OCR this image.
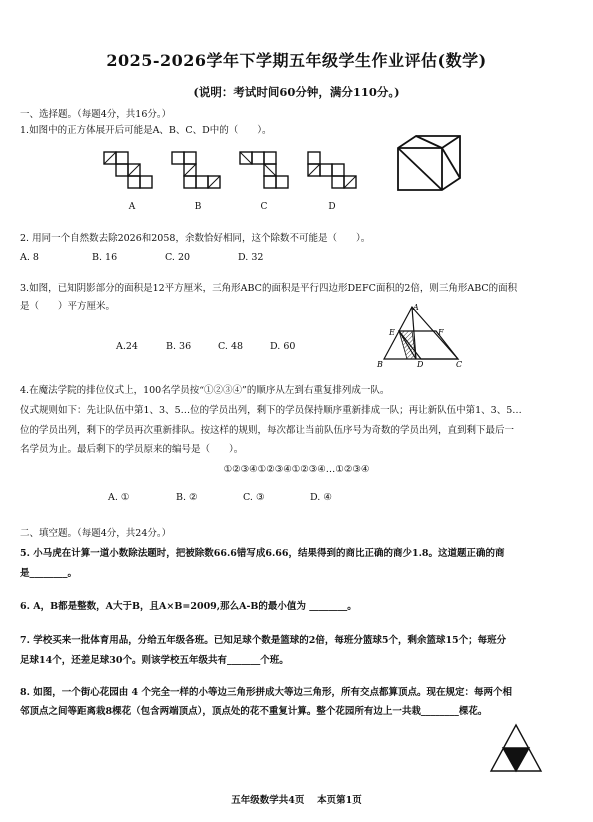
2025-2026学年下学期五年级学生作业评估(数学)
(说明：考试时间60分钟，满分110分。)
一、选择题。（每题4分，共16分。）
1.如图中的正方体展开后可能是A、B、C、D中的（　　）。
A	B	C	D
2. 用同一个自然数去除2026和2058，余数恰好相同，这个除数不可能是（　　）。
A. 8	B. 16	C. 20	D. 32
3.如图，已知阴影部分的面积是12平方厘米，三角形ABC的面积是平行四边形DEFC面积的2倍，则三角形ABC的面积
是（　　）平方厘米。
A.24	B. 36	C. 48	D. 60
A
E	F
B	D	C
4.在魔法学院的排位仪式上，100名学员按“①②③④”的顺序从左到右重复排列成一队。
仪式规则如下：先让队伍中第1、3、5…位的学员出列，剩下的学员保持顺序重新排成一队；再让新队伍中第1、3、5…
位的学员出列，剩下的学员再次重新排队。按这样的规则，每次都让当前队伍序号为奇数的学员出列，直到剩下最后一
名学员为止。最后剩下的学员原来的编号是（　　）。
①②③④①②③④①②③④…①②③④
A. ①	B. ②	C. ③	D. ④
二、填空题。（每题4分，共24分。）
5. 小马虎在计算一道小数除法题时，把被除数66.6错写成6.66，结果得到的商比正确的商少1.8。这道题正确的商
是________。
6. A，B都是整数，A大于B，且A×B=2009,那么A-B的最小值为 ________。
7. 学校买来一批体育用品，分给五年级各班。已知足球个数是篮球的2倍，每班分篮球5个，剩余篮球15个；每班分
足球14个，还差足球30个。则该学校五年级共有_______个班。
8. 如图，一个街心花园由 4 个完全一样的小等边三角形拼成大等边三角形，所有交点都算顶点。现在规定：每两个相
邻顶点之间等距离栽8棵花（包含两端顶点），顶点处的花不重复计算。整个花园所有边上一共栽________棵花。
五年级数学共4页　 本页第1页
